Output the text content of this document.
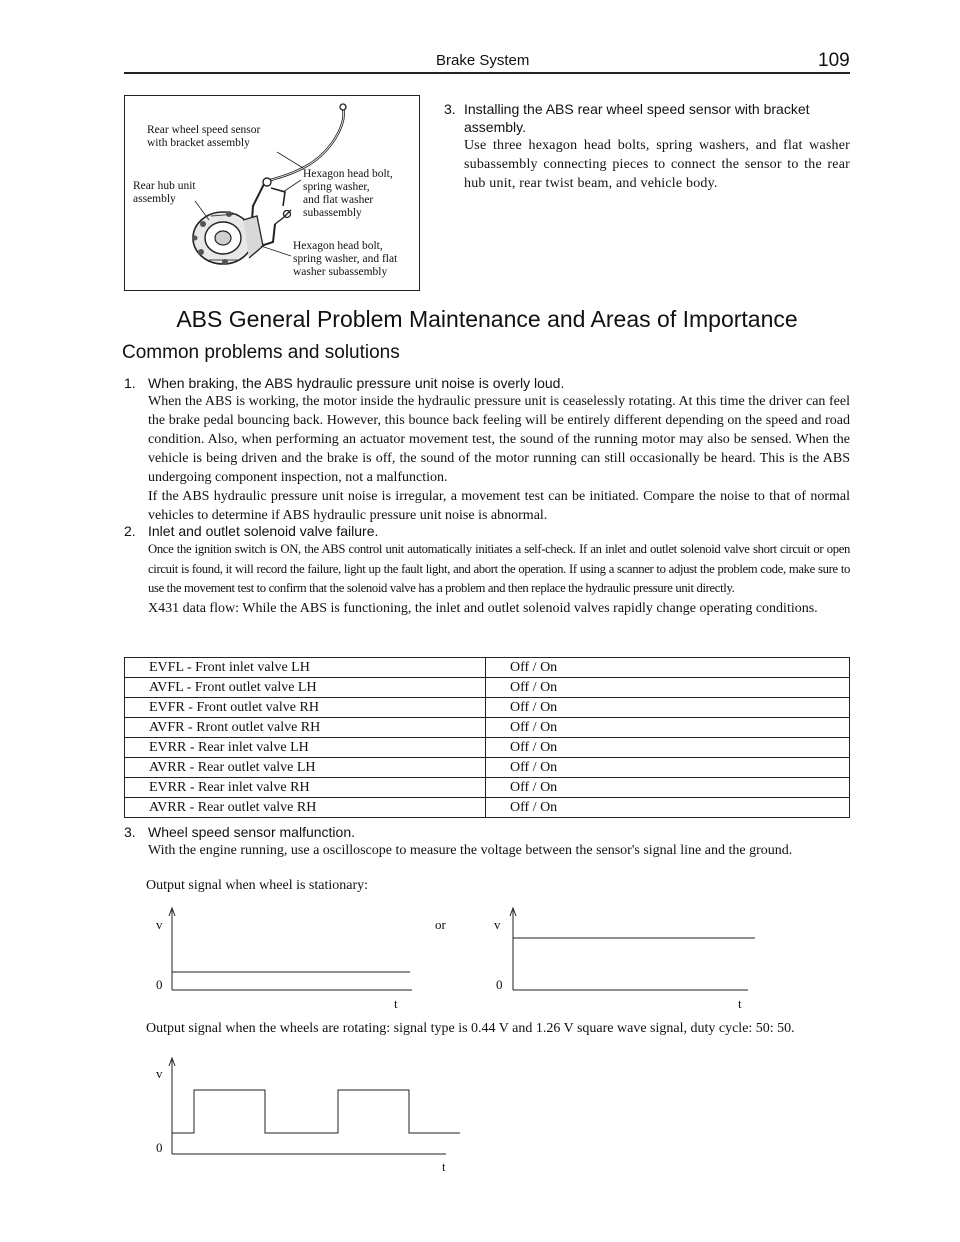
Brake System	109
Rear wheel speed sensor
with bracket assembly
Rear hub unit
assembly
Hexagon head bolt,
spring washer,
and flat washer
subassembly
Hexagon head bolt,
spring washer, and flat
washer subassembly
3. Installing the ABS rear wheel speed sensor with bracket assembly.
Use three hexagon head bolts, spring washers, and flat washer subassembly connecting pieces to connect the sensor to the rear hub unit, rear twist beam, and vehicle body.
ABS General Problem Maintenance and Areas of Importance
Common problems and solutions
1. When braking, the ABS hydraulic pressure unit noise is overly loud.

When the ABS is working, the motor inside the hydraulic pressure unit is ceaselessly rotating. At this time the driver can feel the brake pedal bouncing back. However, this bounce back feeling will be entirely different depending on the speed and road condition. Also, when performing an actuator movement test, the sound of the running motor may also be sensed. When the vehicle is being driven and the brake is off, the sound of the motor running can still occasionally be heard. This is the ABS undergoing component inspection, not a malfunction.

If the ABS hydraulic pressure unit noise is irregular, a movement test can be initiated. Compare the noise to that of normal vehicles to determine if ABS hydraulic pressure unit noise is abnormal.

2. Inlet and outlet solenoid valve failure.

Once the ignition switch is ON, the ABS control unit automatically initiates a self-check. If an inlet and outlet solenoid valve short circuit or open circuit is found, it will record the failure, light up the fault light, and abort the operation. If using a scanner to adjust the problem code, make sure to use the movement test to confirm that the solenoid valve has a problem and then replace the hydraulic pressure unit directly.

X431 data flow: While the ABS is functioning, the inlet and outlet solenoid valves rapidly change operating conditions.

EVFL - Front inlet valve LH	Off / On
AVFL - Front outlet valve LH	Off / On
EVFR - Front outlet valve RH	Off / On
AVFR - Rront outlet valve RH	Off / On
EVRR - Rear inlet valve LH	Off / On
AVRR - Rear outlet valve LH	Off / On
EVRR - Rear inlet valve RH	Off / On
AVRR - Rear outlet valve RH	Off / On
3. Wheel speed sensor malfunction.

With the engine running, use a oscilloscope to measure the voltage between the sensor's signal line and the ground.

Output signal when wheel is stationary:
v
0
t
or	v
0
t
Output signal when the wheels are rotating: signal type is 0.44 V and 1.26 V square wave signal, duty cycle: 50: 50.
v
0
t
